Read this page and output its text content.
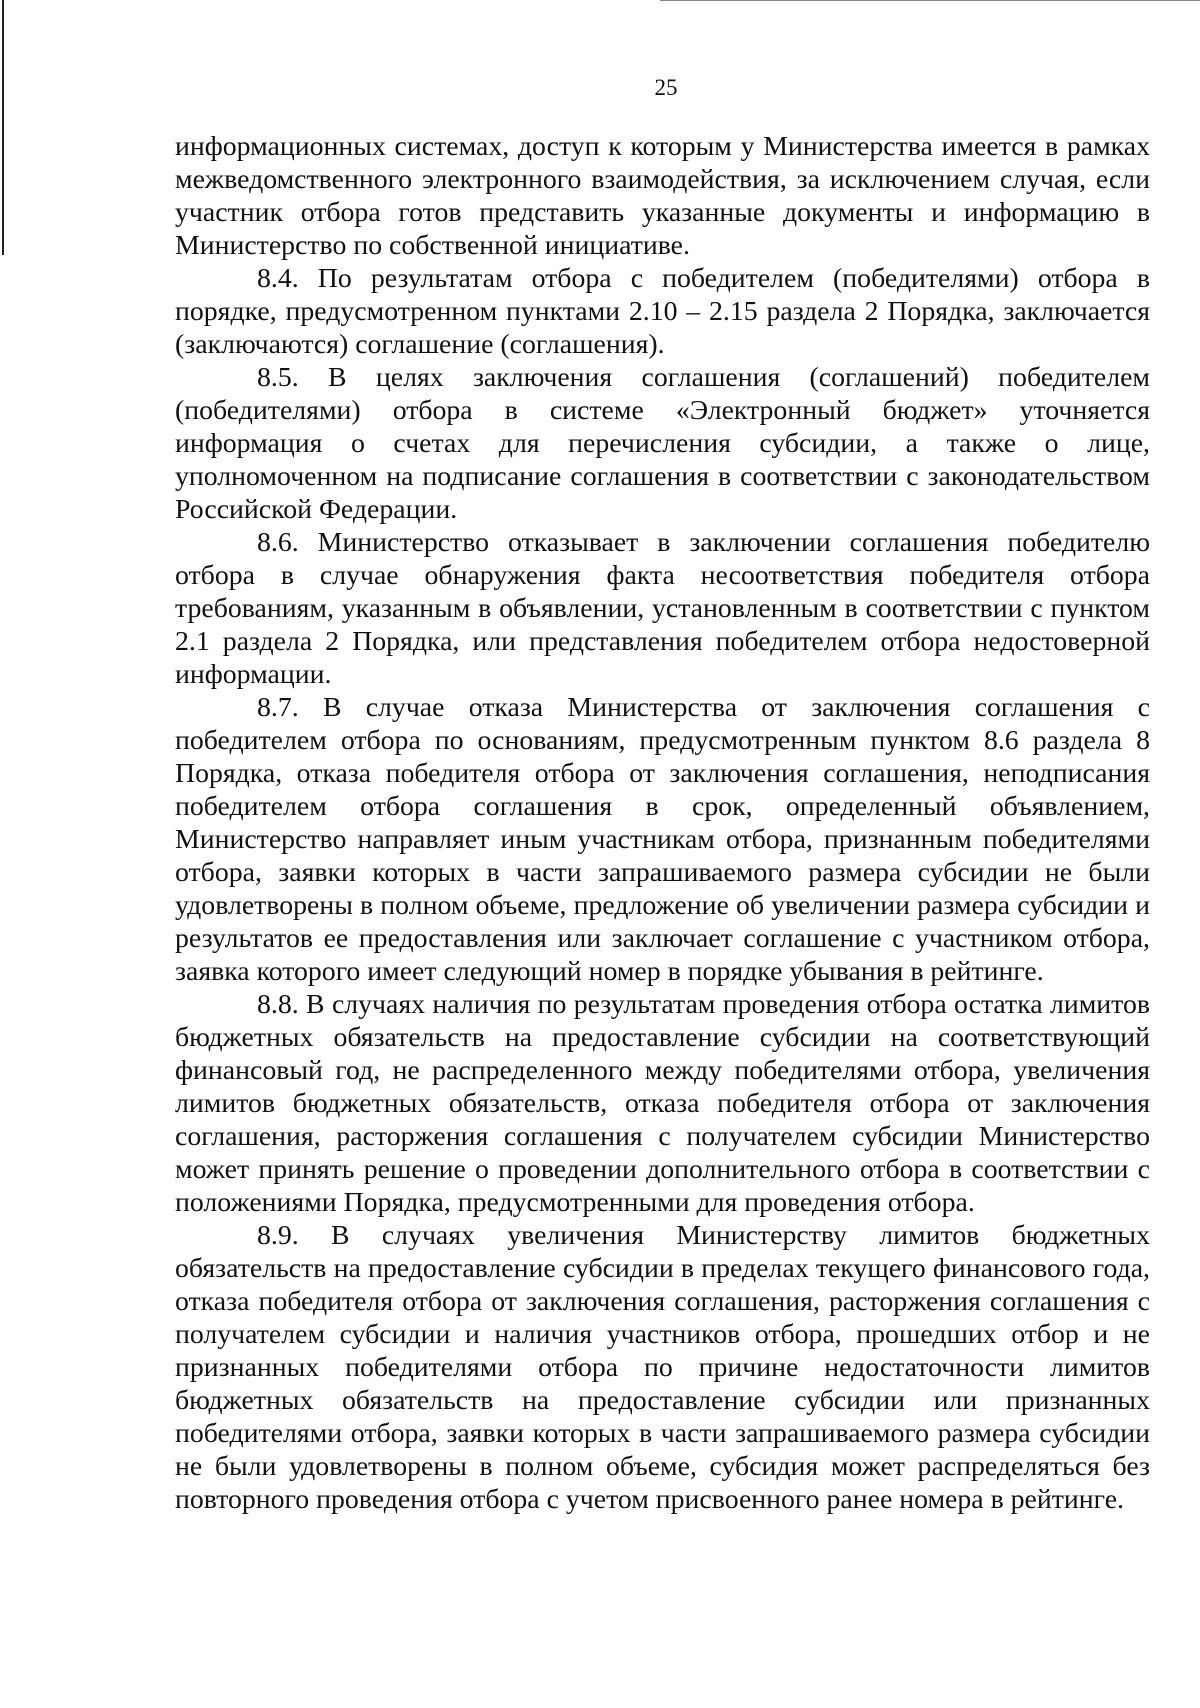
25

информационных системах, доступ к которым у Министерства имеется в рамках межведомственного электронного взаимодействия, за исключением случая, если участник отбора готов представить указанные документы и информацию в Министерство по собственной инициативе.

8.4. По результатам отбора с победителем (победителями) отбора в порядке, предусмотренном пунктами 2.10 – 2.15 раздела 2 Порядка, заключается (заключаются) соглашение (соглашения).

8.5. В целях заключения соглашения (соглашений) победителем (победителями) отбора в системе «Электронный бюджет» уточняется информация о счетах для перечисления субсидии, а также о лице, уполномоченном на подписание соглашения в соответствии с законодательством Российской Федерации.

8.6. Министерство отказывает в заключении соглашения победителю отбора в случае обнаружения факта несоответствия победителя отбора требованиям, указанным в объявлении, установленным в соответствии с пунктом 2.1 раздела 2 Порядка, или представления победителем отбора недостоверной информации.

8.7. В случае отказа Министерства от заключения соглашения с победителем отбора по основаниям, предусмотренным пунктом 8.6 раздела 8 Порядка, отказа победителя отбора от заключения соглашения, неподписания победителем отбора соглашения в срок, определенный объявлением, Министерство направляет иным участникам отбора, признанным победителями отбора, заявки которых в части запрашиваемого размера субсидии не были удовлетворены в полном объеме, предложение об увеличении размера субсидии и результатов ее предоставления или заключает соглашение с участником отбора, заявка которого имеет следующий номер в порядке убывания в рейтинге.

8.8. В случаях наличия по результатам проведения отбора остатка лимитов бюджетных обязательств на предоставление субсидии на соответствующий финансовый год, не распределенного между победителями отбора, увеличения лимитов бюджетных обязательств, отказа победителя отбора от заключения соглашения, расторжения соглашения с получателем субсидии Министерство может принять решение о проведении дополнительного отбора в соответствии с положениями Порядка, предусмотренными для проведения отбора.

8.9. В случаях увеличения Министерству лимитов бюджетных обязательств на предоставление субсидии в пределах текущего финансового года, отказа победителя отбора от заключения соглашения, расторжения соглашения с получателем субсидии и наличия участников отбора, прошедших отбор и не признанных победителями отбора по причине недостаточности лимитов бюджетных обязательств на предоставление субсидии или признанных победителями отбора, заявки которых в части запрашиваемого размера субсидии не были удовлетворены в полном объеме, субсидия может распределяться без повторного проведения отбора с учетом присвоенного ранее номера в рейтинге.
